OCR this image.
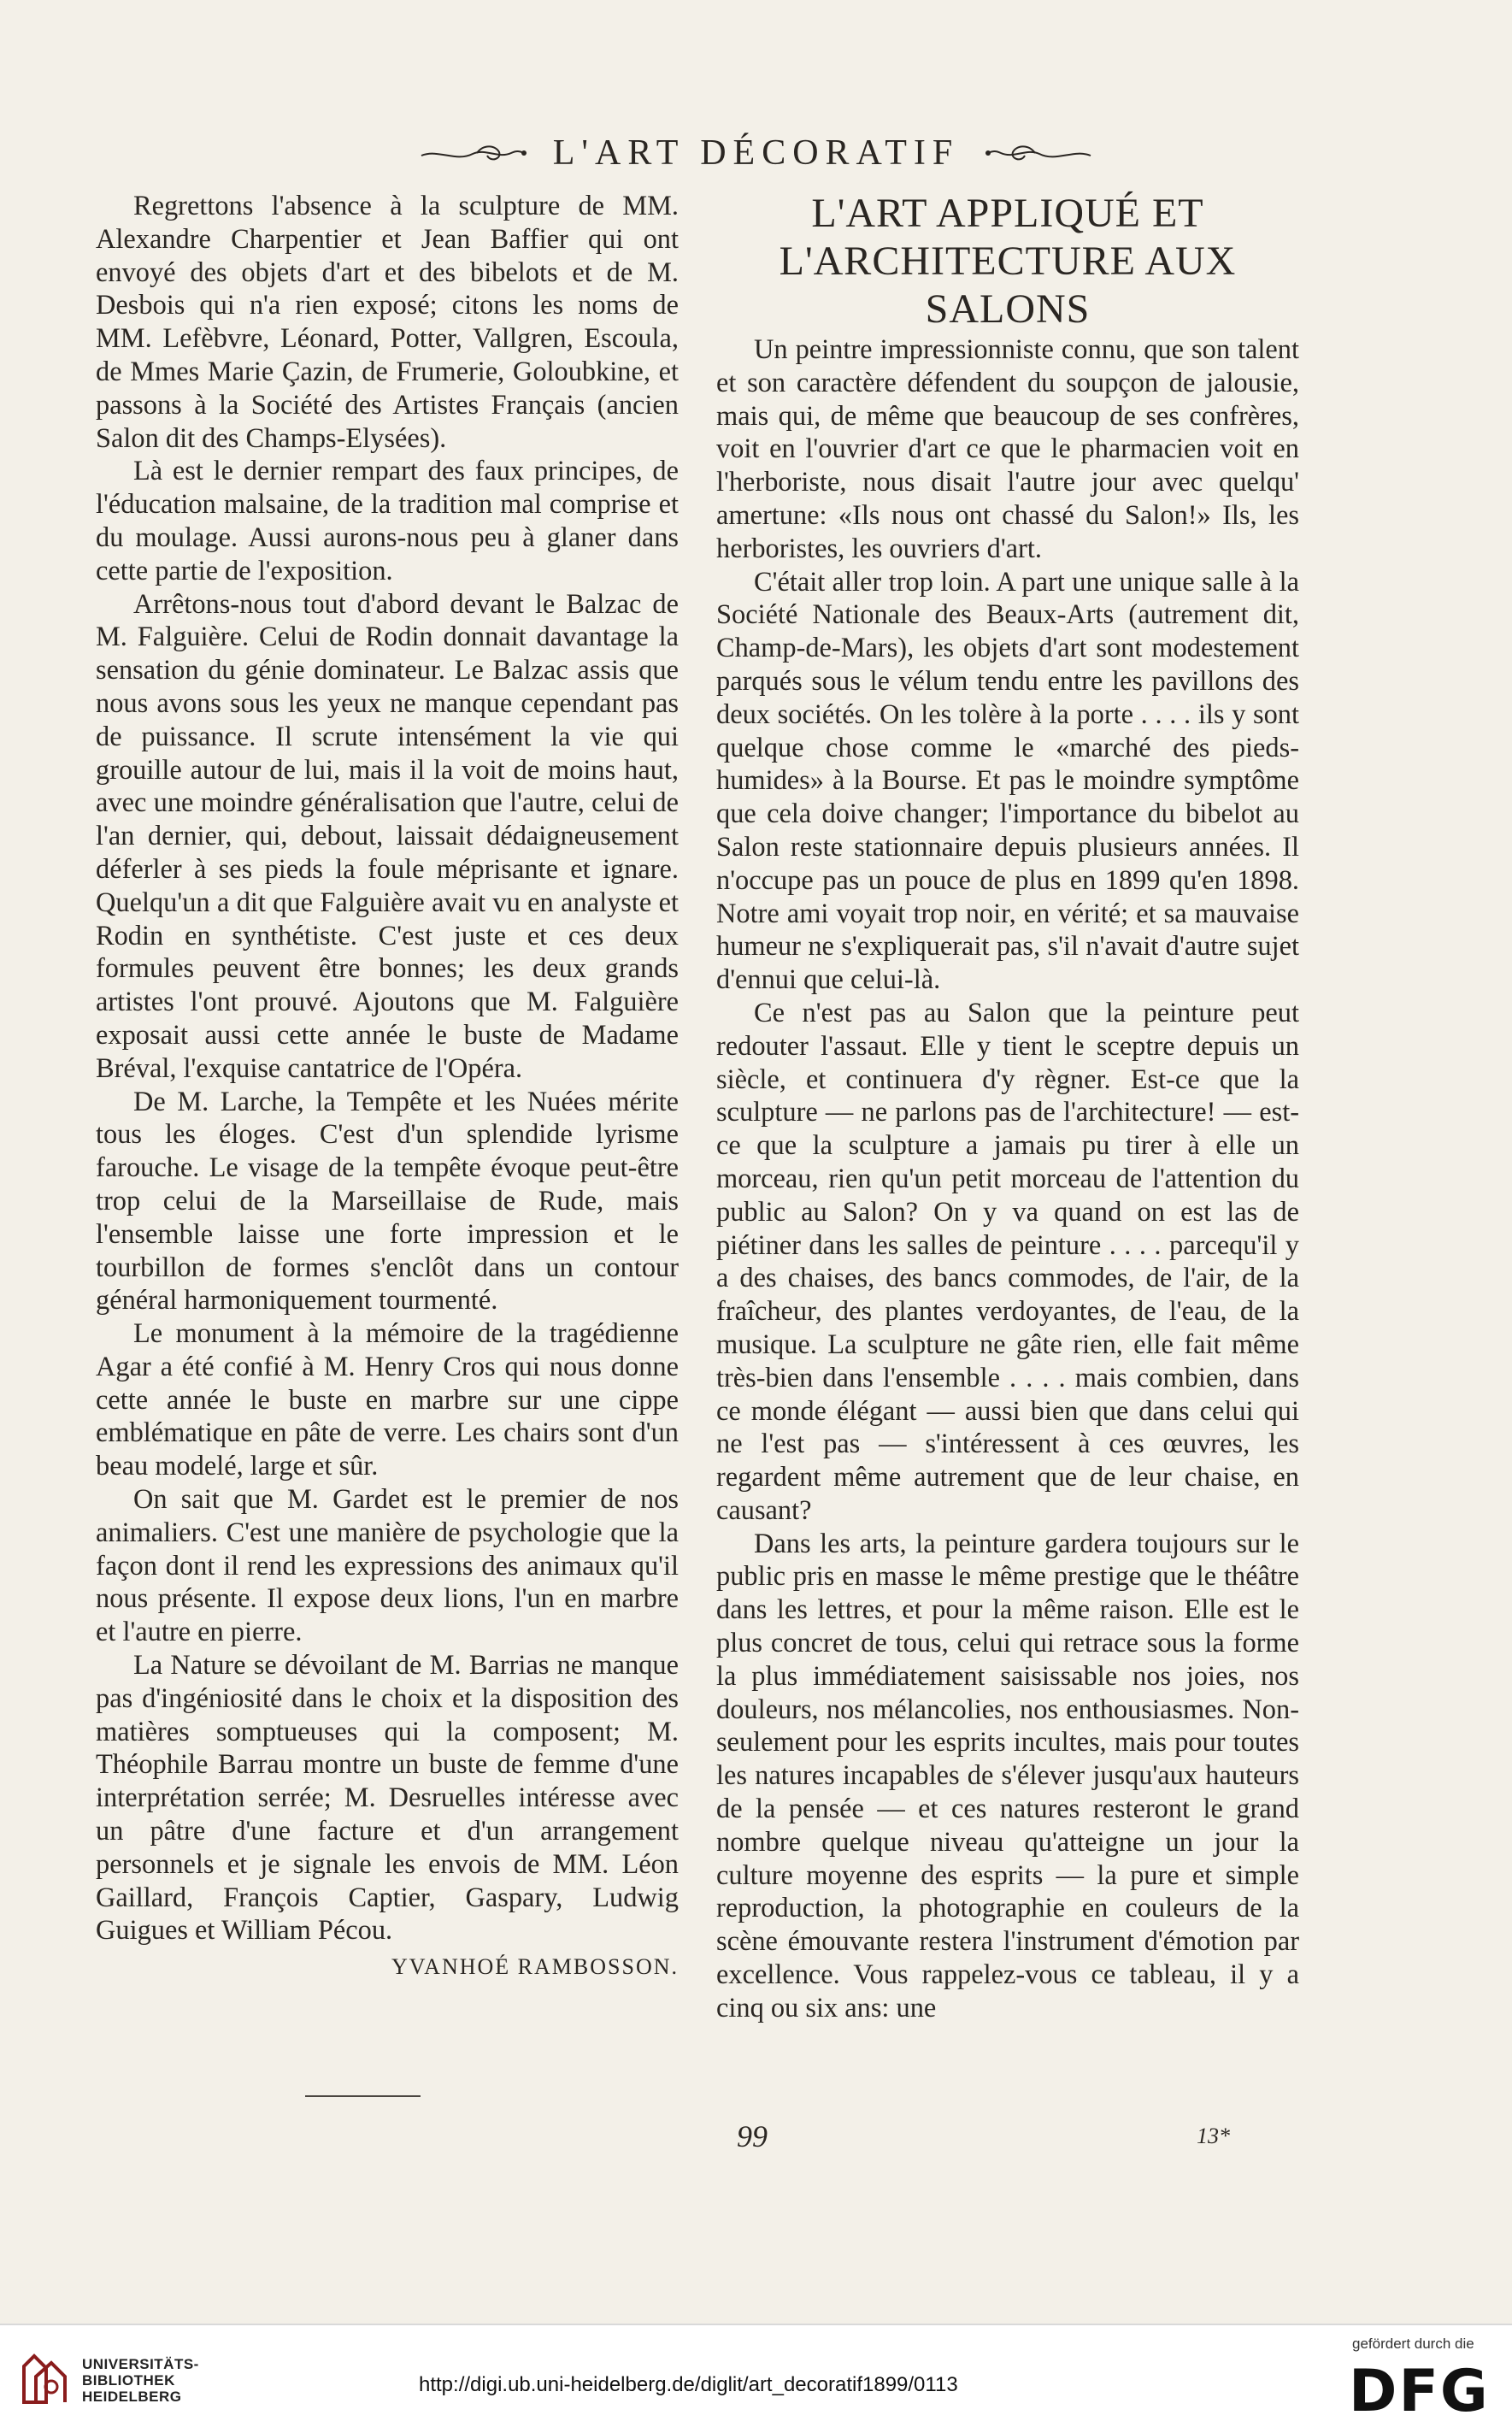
L'ART DÉCORATIF

Regrettons l'absence à la sculpture de MM. Alexandre Charpentier et Jean Baffier qui ont envoyé des objets d'art et des bibelots et de M. Desbois qui n'a rien exposé; citons les noms de MM. Lefèbvre, Léonard, Potter, Vallgren, Escoula, de Mmes Marie Çazin, de Frumerie, Goloubkine, et passons à la Société des Artistes Français (ancien Salon dit des Champs-Elysées).

Là est le dernier rempart des faux principes, de l'éducation malsaine, de la tradition mal comprise et du moulage. Aussi aurons-nous peu à glaner dans cette partie de l'exposition.

Arrêtons-nous tout d'abord devant le Balzac de M. Falguière. Celui de Rodin donnait davantage la sensation du génie dominateur. Le Balzac assis que nous avons sous les yeux ne manque cependant pas de puissance. Il scrute intensément la vie qui grouille autour de lui, mais il la voit de moins haut, avec une moindre généralisation que l'autre, celui de l'an dernier, qui, debout, laissait dédaigneusement déferler à ses pieds la foule méprisante et ignare. Quelqu'un a dit que Falguière avait vu en analyste et Rodin en synthétiste. C'est juste et ces deux formules peuvent être bonnes; les deux grands artistes l'ont prouvé. Ajoutons que M. Falguière exposait aussi cette année le buste de Madame Bréval, l'exquise cantatrice de l'Opéra.

De M. Larche, la Tempête et les Nuées mérite tous les éloges. C'est d'un splendide lyrisme farouche. Le visage de la tempête évoque peut-être trop celui de la Marseillaise de Rude, mais l'ensemble laisse une forte impression et le tourbillon de formes s'enclôt dans un contour général harmoniquement tourmenté.

Le monument à la mémoire de la tragédienne Agar a été confié à M. Henry Cros qui nous donne cette année le buste en marbre sur une cippe emblématique en pâte de verre. Les chairs sont d'un beau modelé, large et sûr.

On sait que M. Gardet est le premier de nos animaliers. C'est une manière de psychologie que la façon dont il rend les expressions des animaux qu'il nous présente. Il expose deux lions, l'un en marbre et l'autre en pierre.

La Nature se dévoilant de M. Barrias ne manque pas d'ingéniosité dans le choix et la disposition des matières somptueuses qui la composent; M. Théophile Barrau montre un buste de femme d'une interprétation serrée; M. Desruelles intéresse avec un pâtre d'une facture et d'un arrangement personnels et je signale les envois de MM. Léon Gaillard, François Captier, Gaspary, Ludwig Guigues et William Pécou.

YVANHOÉ RAMBOSSON.

L'ART APPLIQUÉ ET L'ARCHITECTURE AUX SALONS

Un peintre impressionniste connu, que son talent et son caractère défendent du soupçon de jalousie, mais qui, de même que beaucoup de ses confrères, voit en l'ouvrier d'art ce que le pharmacien voit en l'herboriste, nous disait l'autre jour avec quelqu' amertune: «Ils nous ont chassé du Salon!» Ils, les herboristes, les ouvriers d'art.

C'était aller trop loin. A part une unique salle à la Société Nationale des Beaux-Arts (autrement dit, Champ-de-Mars), les objets d'art sont modestement parqués sous le vélum tendu entre les pavillons des deux sociétés. On les tolère à la porte . . . . ils y sont quelque chose comme le «marché des pieds-humides» à la Bourse. Et pas le moindre symptôme que cela doive changer; l'importance du bibelot au Salon reste stationnaire depuis plusieurs années. Il n'occupe pas un pouce de plus en 1899 qu'en 1898. Notre ami voyait trop noir, en vérité; et sa mauvaise humeur ne s'expliquerait pas, s'il n'avait d'autre sujet d'ennui que celui-là.

Ce n'est pas au Salon que la peinture peut redouter l'assaut. Elle y tient le sceptre depuis un siècle, et continuera d'y règner. Est-ce que la sculpture — ne parlons pas de l'architecture! — est-ce que la sculpture a jamais pu tirer à elle un morceau, rien qu'un petit morceau de l'attention du public au Salon? On y va quand on est las de piétiner dans les salles de peinture . . . . parcequ'il y a des chaises, des bancs commodes, de l'air, de la fraîcheur, des plantes verdoyantes, de l'eau, de la musique. La sculpture ne gâte rien, elle fait même très-bien dans l'ensemble . . . . mais combien, dans ce monde élégant — aussi bien que dans celui qui ne l'est pas — s'intéressent à ces œuvres, les regardent même autrement que de leur chaise, en causant?

Dans les arts, la peinture gardera toujours sur le public pris en masse le même prestige que le théâtre dans les lettres, et pour la même raison. Elle est le plus concret de tous, celui qui retrace sous la forme la plus immédiatement saisissable nos joies, nos douleurs, nos mélancolies, nos enthousiasmes. Non-seulement pour les esprits incultes, mais pour toutes les natures incapables de s'élever jusqu'aux hauteurs de la pensée — et ces natures resteront le grand nombre quelque niveau qu'atteigne un jour la culture moyenne des esprits — la pure et simple reproduction, la photographie en couleurs de la scène émouvante restera l'instrument d'émotion par excellence. Vous rappelez-vous ce tableau, il y a cinq ou six ans: une

99	13*
UNIVERSITÄTS-
BIBLIOTHEK
HEIDELBERG
http://digi.ub.uni-heidelberg.de/diglit/art_decoratif1899/0113
gefördert durch die
DFG
